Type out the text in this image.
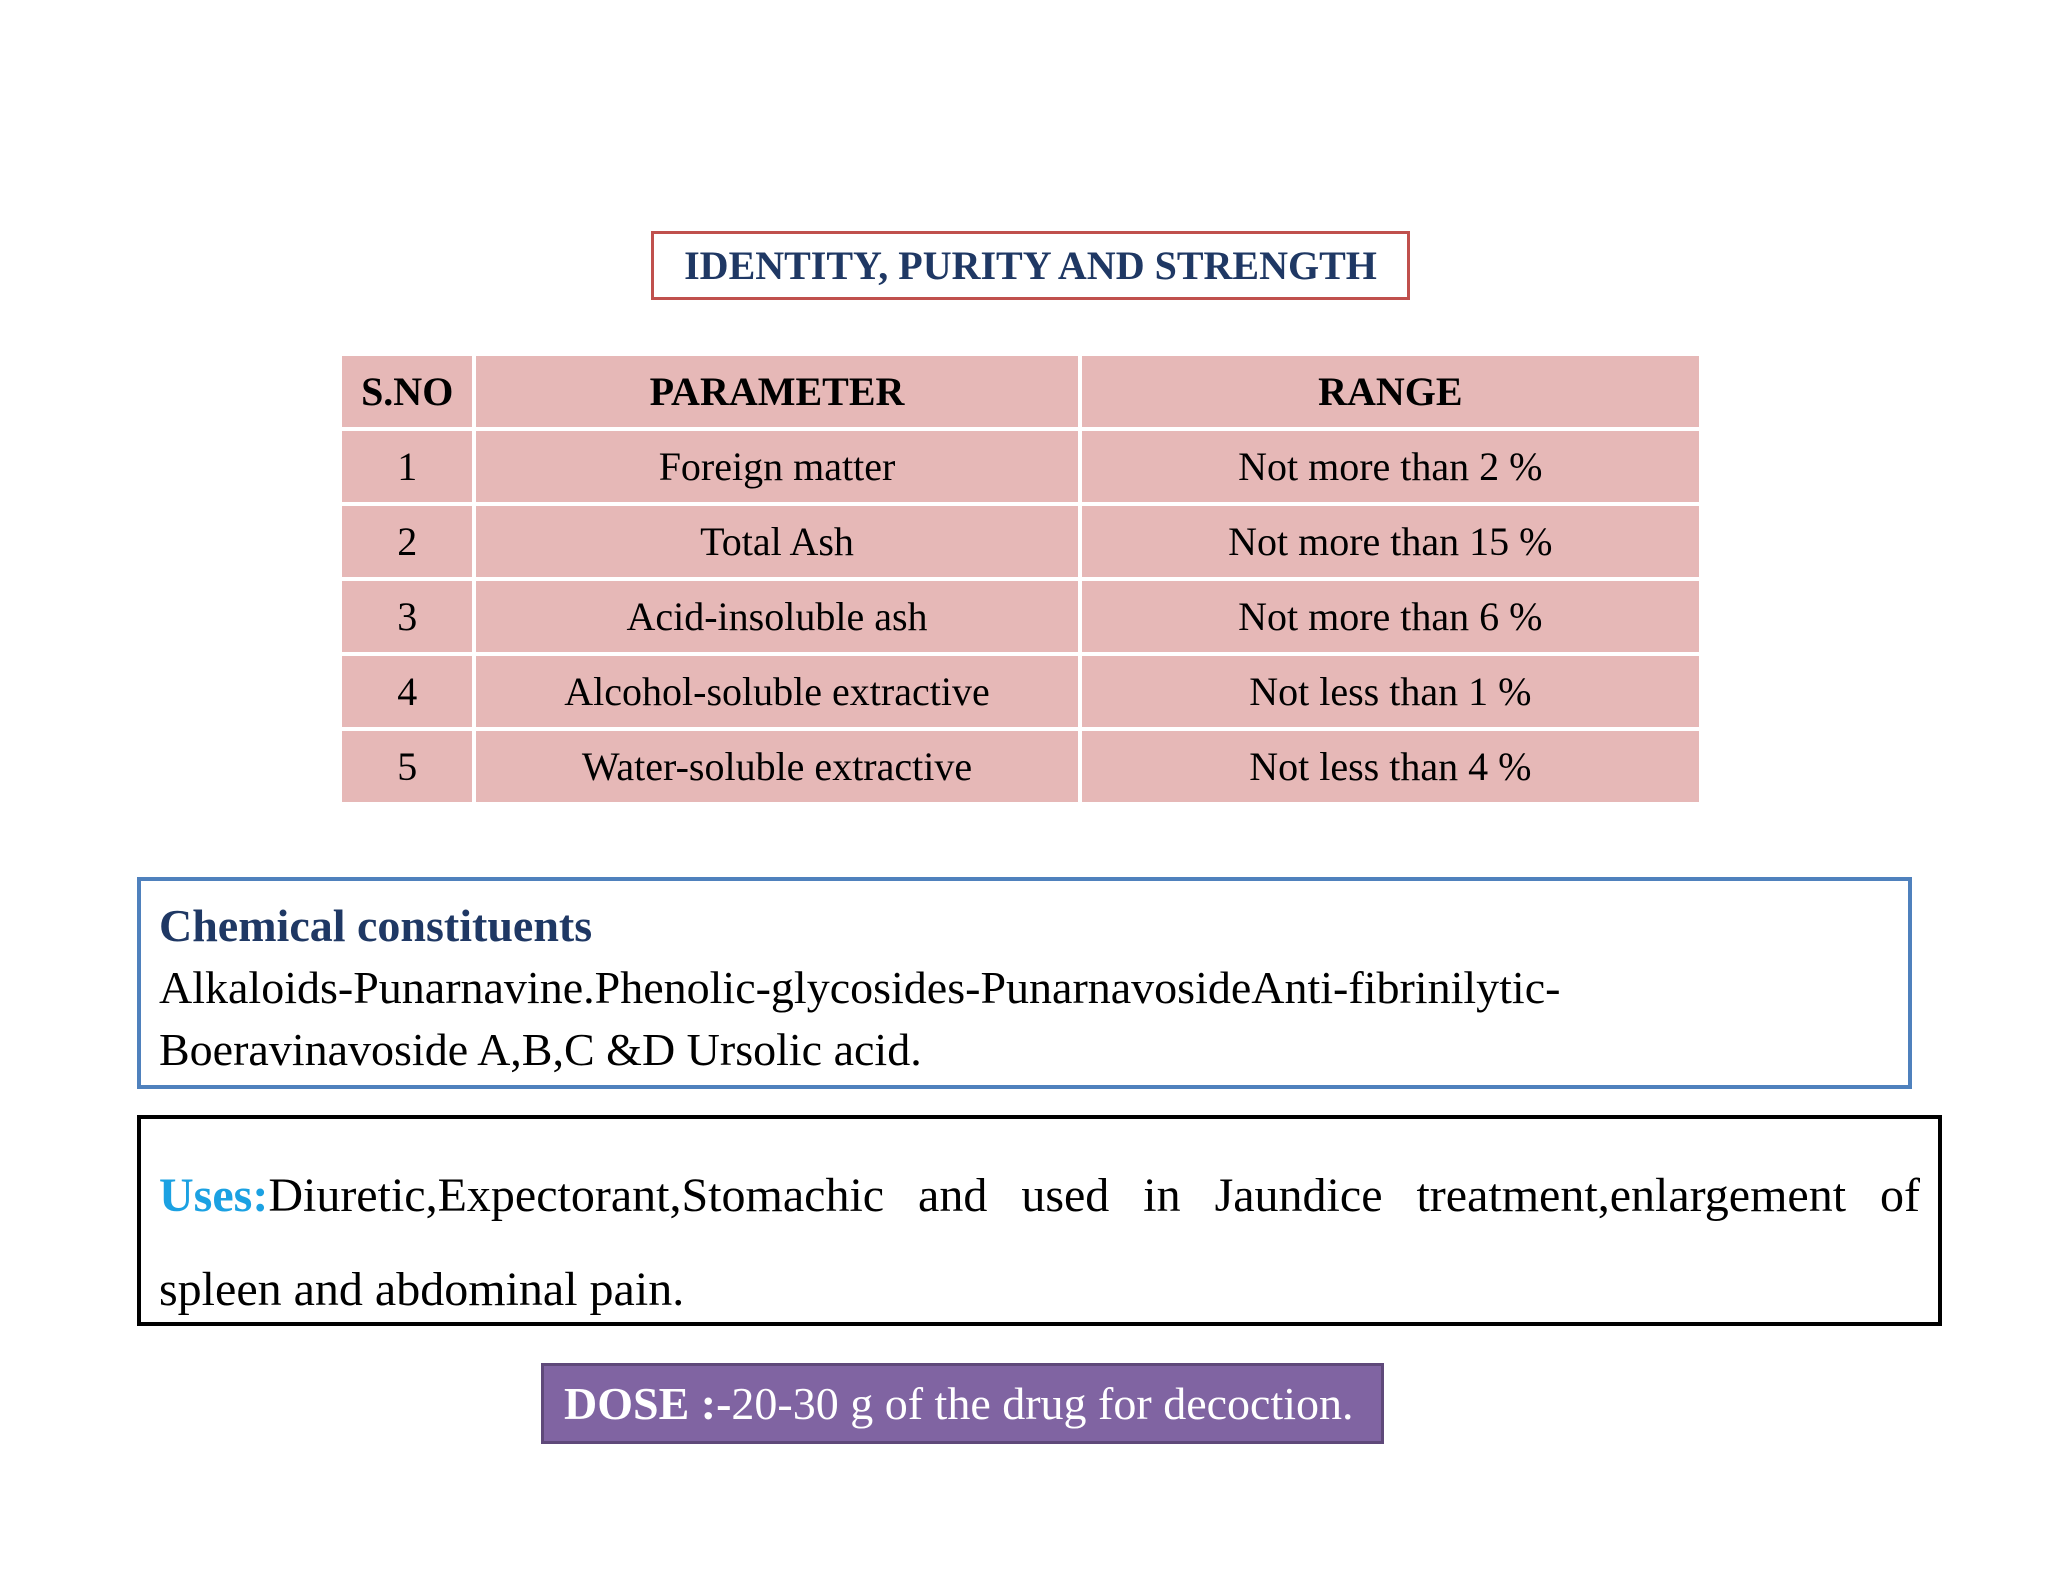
IDENTITY, PURITY AND STRENGTH
S.NO	PARAMETER	RANGE
1	Foreign matter	Not more than 2 %
2	Total Ash	Not more than 15 %
3	Acid-insoluble ash	Not more than 6 %
4	Alcohol-soluble extractive	Not less than 1 %
5	Water-soluble extractive	Not less than 4 %
Chemical constituents
Alkaloids-Punarnavine.Phenolic-glycosides-PunarnavosideAnti-fibrinilytic-
Boeravinavoside A,B,C &D Ursolic acid.
Uses:Diuretic,Expectorant,Stomachic and used in Jaundice treatment,enlargement of spleen and abdominal pain.
DOSE :- 20-30 g of the drug for decoction.
